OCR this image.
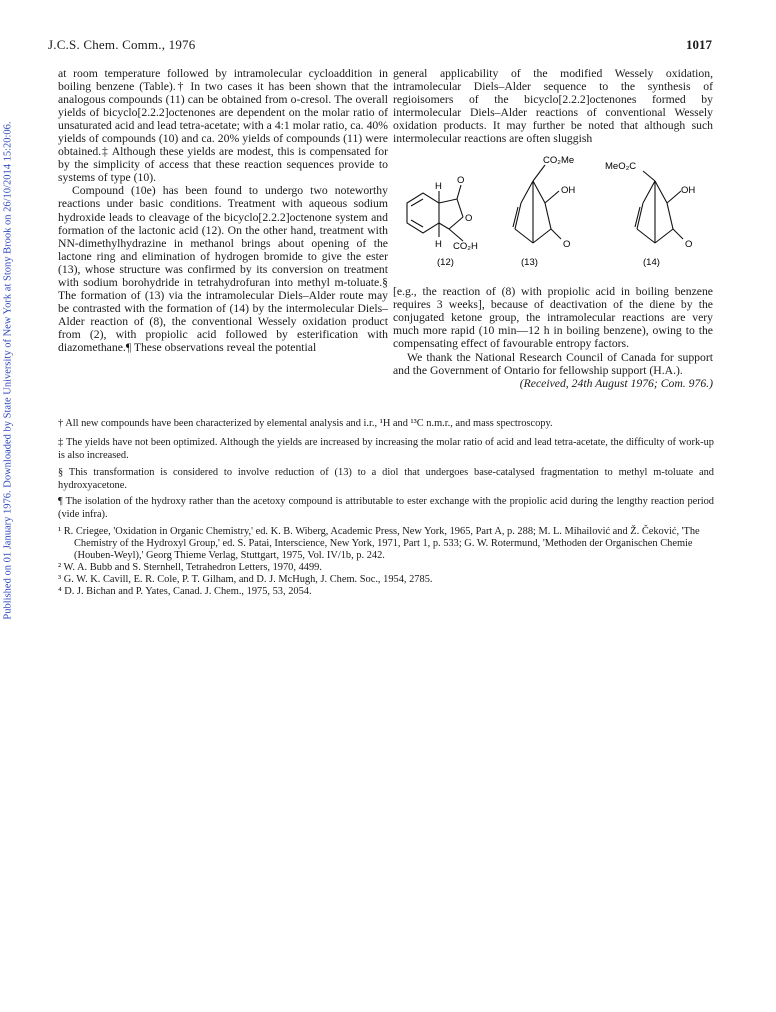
Published on 01 January 1976. Downloaded by State University of New York at Stony Brook on 26/10/2014 15:20:06.
J.C.S. Chem. Comm., 1976	1017

at room temperature followed by intramolecular cycloaddition in boiling benzene (Table).† In two cases it has been shown that the analogous compounds (11) can be obtained from o-cresol. The overall yields of bicyclo[2.2.2]octenones are dependent on the molar ratio of unsaturated acid and lead tetra-acetate; with a 4:1 molar ratio, ca. 40% yields of compounds (10) and ca. 20% yields of compounds (11) were obtained.‡ Although these yields are modest, this is compensated for by the simplicity of access that these reaction sequences provide to systems of type (10).

Compound (10e) has been found to undergo two noteworthy reactions under basic conditions. Treatment with aqueous sodium hydroxide leads to cleavage of the bicyclo[2.2.2]octenone system and formation of the lactonic acid (12). On the other hand, treatment with NN-dimethylhydrazine in methanol brings about opening of the lactone ring and elimination of hydrogen bromide to give the ester (13), whose structure was confirmed by its conversion on treatment with sodium borohydride in tetrahydrofuran into methyl m-toluate.§ The formation of (13) via the intramolecular Diels–Alder route may be contrasted with the formation of (14) by the intermolecular Diels–Alder reaction of (8), the conventional Wessely oxidation product from (2), with propiolic acid followed by esterification with diazomethane.¶ These observations reveal the potential

general applicability of the modified Wessely oxidation, intramolecular Diels–Alder sequence to the synthesis of regioisomers of the bicyclo[2.2.2]octenones formed by intermolecular Diels–Alder reactions of conventional Wessely oxidation products. It may further be noted that although such intermolecular reactions are often sluggish

H
O
O
H CO₂H
(12)
CO₂Me
OH
O
(13)
MeO₂C
OH
O
(14)

[e.g., the reaction of (8) with propiolic acid in boiling benzene requires 3 weeks], because of deactivation of the diene by the conjugated ketone group, the intramolecular reactions are very much more rapid (10 min—12 h in boiling benzene), owing to the compensating effect of favourable entropy factors.

We thank the National Research Council of Canada for support and the Government of Ontario for fellowship support (H.A.).

(Received, 24th August 1976; Com. 976.)

† All new compounds have been characterized by elemental analysis and i.r., ¹H and ¹³C n.m.r., and mass spectroscopy.

‡ The yields have not been optimized. Although the yields are increased by increasing the molar ratio of acid and lead tetra-acetate, the difficulty of work-up is also increased.

§ This transformation is considered to involve reduction of (13) to a diol that undergoes base-catalysed fragmentation to methyl m-toluate and hydroxyacetone.

¶ The isolation of the hydroxy rather than the acetoxy compound is attributable to ester exchange with the propiolic acid during the lengthy reaction period (vide infra).

¹ R. Criegee, 'Oxidation in Organic Chemistry,' ed. K. B. Wiberg, Academic Press, New York, 1965, Part A, p. 288; M. L. Mihailović and Ž. Čeković, 'The Chemistry of the Hydroxyl Group,' ed. S. Patai, Interscience, New York, 1971, Part 1, p. 533; G. W. Rotermund, 'Methoden der Organischen Chemie (Houben-Weyl),' Georg Thieme Verlag, Stuttgart, 1975, Vol. IV/1b, p. 242.

² W. A. Bubb and S. Sternhell, Tetrahedron Letters, 1970, 4499.

³ G. W. K. Cavill, E. R. Cole, P. T. Gilham, and D. J. McHugh, J. Chem. Soc., 1954, 2785.

⁴ D. J. Bichan and P. Yates, Canad. J. Chem., 1975, 53, 2054.
